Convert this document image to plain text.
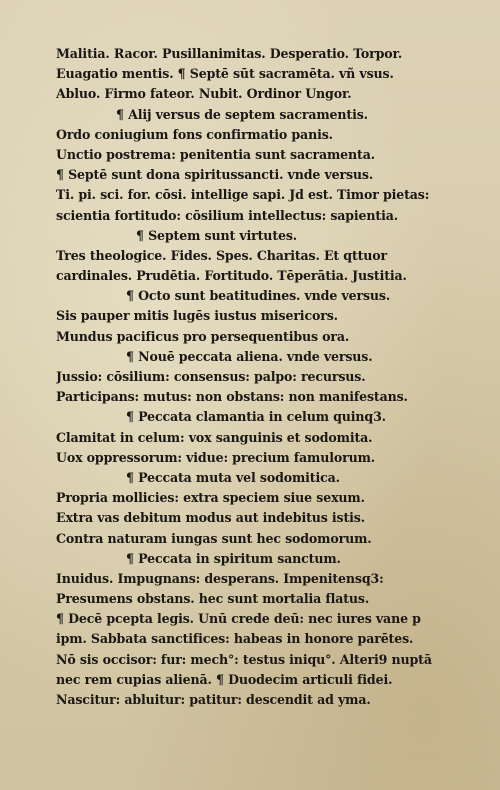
Malitia. Racor. Pusillanimitas. Desperatio. Torpor.
Euagatio mentis. ¶ Septē sūt sacramēta. vñ vsus.
Abluo. Firmo fateor. Nubit. Ordinor Ungor.
¶ Alij versus de septem sacramentis.
Ordo coniugium fons confirmatio panis.
Unctio postrema: penitentia sunt sacramenta.
¶ Septē sunt dona spiritussancti. vnde versus.
Ti. pi. sci. for. cōsi. intellige sapi. Jd est. Timor pietas:
scientia fortitudo: cōsilium intellectus: sapientia.
¶ Septem sunt virtutes.
Tres theologice. Fides. Spes. Charitas. Et qttuor
cardinales. Prudētia. Fortitudo. Tēperātia. Justitia.
¶ Octo sunt beatitudines. vnde versus.
Sis pauper mitis lugēs iustus misericors.
Mundus pacificus pro persequentibus ora.
¶ Nouē peccata aliena. vnde versus.
Jussio: cōsilium: consensus: palpo: recursus.
Participans: mutus: non obstans: non manifestans.
¶ Peccata clamantia in celum quinq3.
Clamitat in celum: vox sanguinis et sodomita.
Uox oppressorum: vidue: precium famulorum.
¶ Peccata muta vel sodomitica.
Propria mollicies: extra speciem siue sexum.
Extra vas debitum modus aut indebitus istis.
Contra naturam iungas sunt hec sodomorum.
¶ Peccata in spiritum sanctum.
Inuidus. Impugnans: desperans. Impenitensq3:
Presumens obstans. hec sunt mortalia flatus.
¶ Decē pcepta legis. Unū crede deū: nec iures vane p
ipm. Sabbata sanctifices: habeas in honore parētes.
Nō sis occisor: fur: mech°: testus iniqu°. Alteri9 nuptā
nec rem cupias alienā. ¶ Duodecim articuli fidei.
Nascitur: abluitur: patitur: descendit ad yma.
